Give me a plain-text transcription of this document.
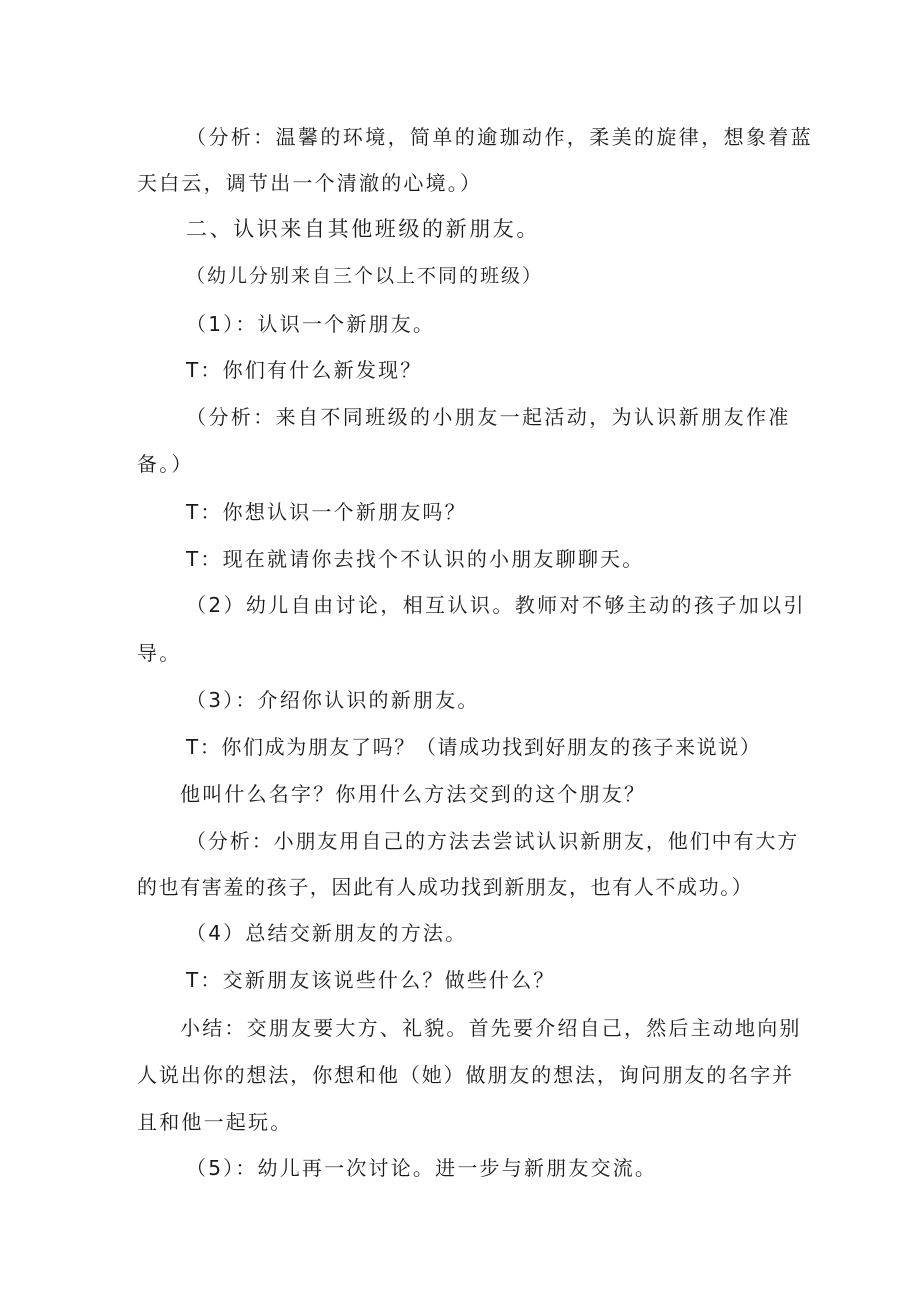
（分析：温馨的环境，简单的逾珈动作，柔美的旋律，想象着蓝
天白云，调节出一个清澈的心境。）
二、认识来自其他班级的新朋友。
（幼儿分别来自三个以上不同的班级）
（1）：认识一个新朋友。
T：你们有什么新发现？
（分析：来自不同班级的小朋友一起活动，为认识新朋友作准
备。）
T：你想认识一个新朋友吗？
T：现在就请你去找个不认识的小朋友聊聊天。
（2）幼儿自由讨论，相互认识。教师对不够主动的孩子加以引
导。
（3）：介绍你认识的新朋友。
T：你们成为朋友了吗？（请成功找到好朋友的孩子来说说）
他叫什么名字？你用什么方法交到的这个朋友？
（分析：小朋友用自己的方法去尝试认识新朋友，他们中有大方
的也有害羞的孩子，因此有人成功找到新朋友，也有人不成功。）
（4）总结交新朋友的方法。
T：交新朋友该说些什么？做些什么？
小结：交朋友要大方、礼貌。首先要介绍自己，然后主动地向别
人说出你的想法，你想和他（她）做朋友的想法，询问朋友的名字并
且和他一起玩。
（5）：幼儿再一次讨论。进一步与新朋友交流。
